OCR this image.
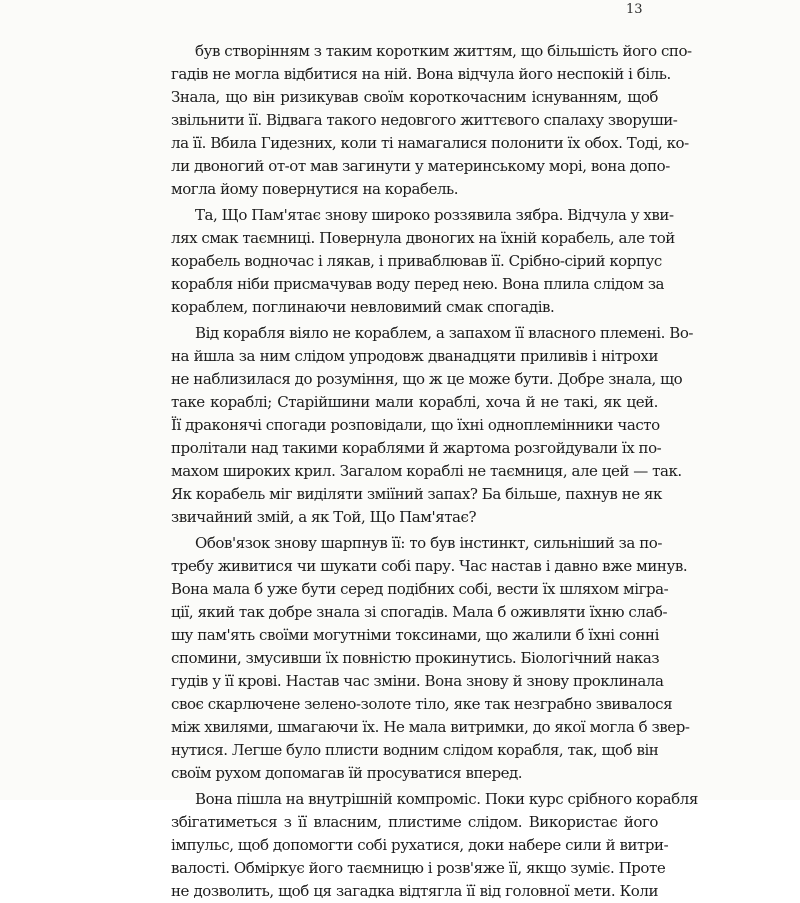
13
був створінням з таким коротким життям, що більшість його спо-
гадів не могла відбитися на ній. Вона відчула його неспокій і біль.
Знала, що він ризикував своїм короткочасним існуванням, щоб
звільнити її. Відвага такого недовгого життєвого спалаху зворуши-
ла її. Вбила Гидезних, коли ті намагалися полонити їх обох. Тоді, ко-
ли двоногий от-от мав загинути у материнському морі, вона допо-
могла йому повернутися на корабель.
Та, Що Пам'ятає знову широко роззявила зябра. Відчула у хви-
лях смак таємниці. Повернула двоногих на їхній корабель, але той
корабель водночас і лякав, і приваблював її. Срібно-сірий корпус
корабля ніби присмачував воду перед нею. Вона плила слідом за
кораблем, поглинаючи невловимий смак спогадів.
Від корабля віяло не кораблем, а запахом її власного племені. Во-
на йшла за ним слідом упродовж дванадцяти приливів і нітрохи
не наблизилася до розуміння, що ж це може бути. Добре знала, що
таке кораблі; Старійшини мали кораблі, хоча й не такі, як цей.
Її драконячі спогади розповідали, що їхні одноплемінники часто
пролітали над такими кораблями й жартома розгойдували їх по-
махом широких крил. Загалом кораблі не таємниця, але цей — так.
Як корабель міг виділяти зміїний запах? Ба більше, пахнув не як
звичайний змій, а як Той, Що Пам'ятає?
Обов'язок знову шарпнув її: то був інстинкт, сильніший за по-
требу живитися чи шукати собі пару. Час настав і давно вже минув.
Вона мала б уже бути серед подібних собі, вести їх шляхом мігра-
ції, який так добре знала зі спогадів. Мала б оживляти їхню слаб-
шу пам'ять своїми могутніми токсинами, що жалили б їхні сонні
спомини, змусивши їх повністю прокинутись. Біологічний наказ
гудів у її крові. Настав час зміни. Вона знову й знову проклинала
своє скарлючене зелено-золоте тіло, яке так незграбно звивалося
між хвилями, шмагаючи їх. Не мала витримки, до якої могла б звер-
нутися. Легше було плисти водним слідом корабля, так, щоб він
своїм рухом допомагав їй просуватися вперед.
Вона пішла на внутрішній компроміс. Поки курс срібного корабля
збігатиметься з її власним, плистиме слідом. Використає його
імпульс, щоб допомогти собі рухатися, доки набере сили й витри-
валості. Обміркує його таємницю і розв'яже її, якщо зуміє. Проте
не дозволить, щоб ця загадка відтягла її від головної мети. Коли
